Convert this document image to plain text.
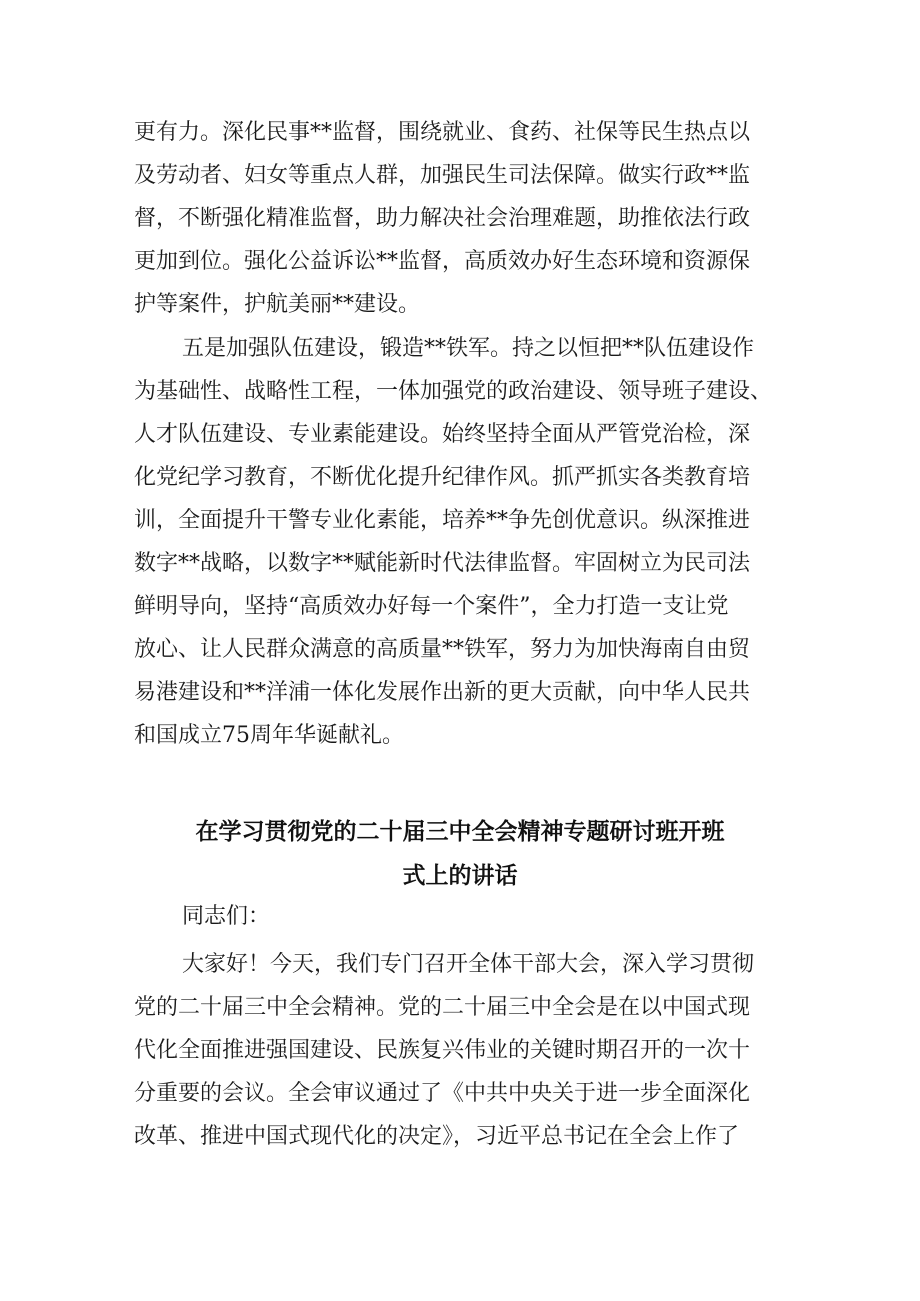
更有力。深化民事**监督，围绕就业、食药、社保等民生热点以
及劳动者、妇女等重点人群，加强民生司法保障。做实行政**监
督，不断强化精准监督，助力解决社会治理难题，助推依法行政
更加到位。强化公益诉讼**监督，高质效办好生态环境和资源保
护等案件，护航美丽**建设。
五是加强队伍建设，锻造**铁军。持之以恒把**队伍建设作
为基础性、战略性工程，一体加强党的政治建设、领导班子建设、
人才队伍建设、专业素能建设。始终坚持全面从严管党治检，深
化党纪学习教育，不断优化提升纪律作风。抓严抓实各类教育培
训，全面提升干警专业化素能，培养**争先创优意识。纵深推进
数字**战略，以数字**赋能新时代法律监督。牢固树立为民司法
鲜明导向，坚持“高质效办好每一个案件”，全力打造一支让党
放心、让人民群众满意的高质量**铁军，努力为加快海南自由贸
易港建设和**洋浦一体化发展作出新的更大贡献，向中华人民共
和国成立75周年华诞献礼。
在学习贯彻党的二十届三中全会精神专题研讨班开班
式上的讲话
同志们：
大家好！今天，我们专门召开全体干部大会，深入学习贯彻
党的二十届三中全会精神。党的二十届三中全会是在以中国式现
代化全面推进强国建设、民族复兴伟业的关键时期召开的一次十
分重要的会议。全会审议通过了《中共中央关于进一步全面深化
改革、推进中国式现代化的决定》，习近平总书记在全会上作了
